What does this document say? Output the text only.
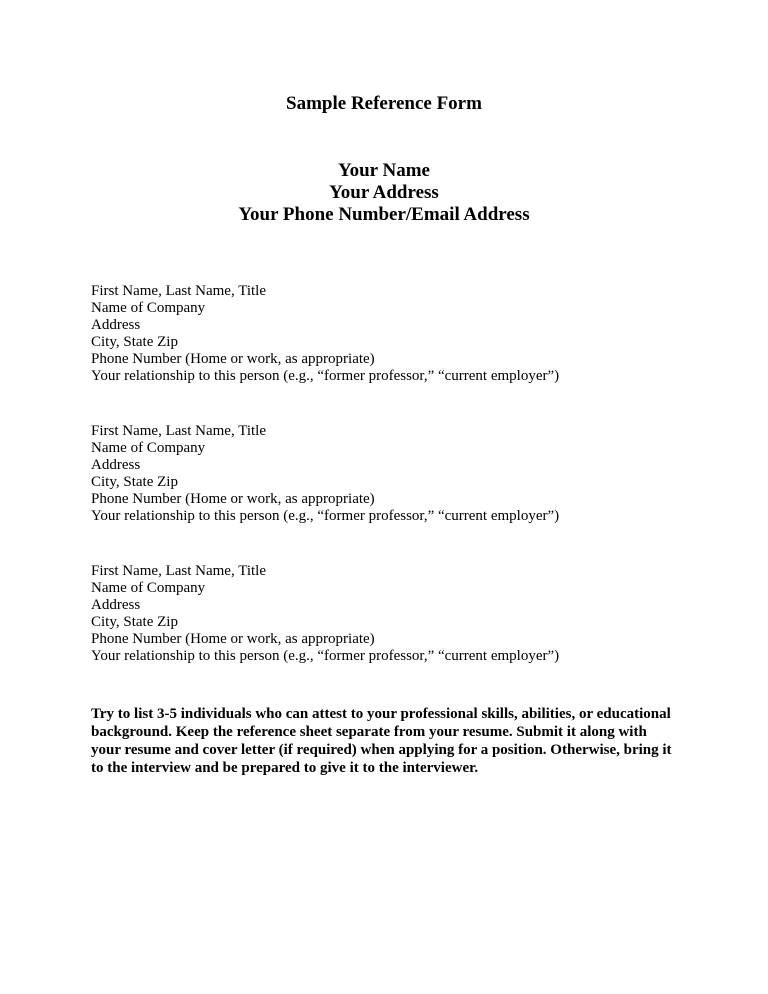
Sample Reference Form
Your Name
Your Address
Your Phone Number/Email Address
First Name, Last Name, Title
Name of Company
Address
City, State Zip
Phone Number (Home or work, as appropriate)
Your relationship to this person (e.g., “former professor,” “current employer”)
First Name, Last Name, Title
Name of Company
Address
City, State Zip
Phone Number (Home or work, as appropriate)
Your relationship to this person (e.g., “former professor,” “current employer”)
First Name, Last Name, Title
Name of Company
Address
City, State Zip
Phone Number (Home or work, as appropriate)
Your relationship to this person (e.g., “former professor,” “current employer”)
Try to list 3-5 individuals who can attest to your professional skills, abilities, or educational
background. Keep the reference sheet separate from your resume. Submit it along with
your resume and cover letter (if required) when applying for a position. Otherwise, bring it
to the interview and be prepared to give it to the interviewer.
